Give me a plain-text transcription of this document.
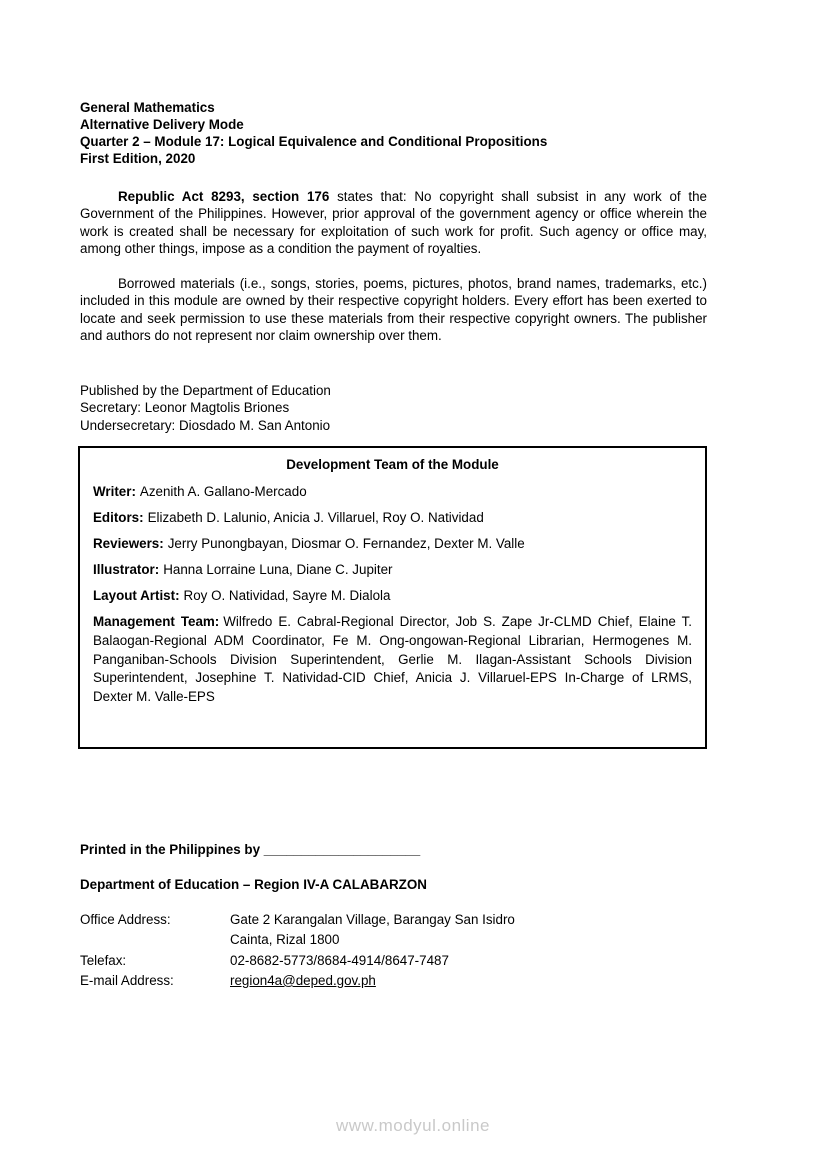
General Mathematics
Alternative Delivery Mode
Quarter 2 – Module 17: Logical Equivalence and Conditional Propositions
First Edition, 2020

Republic Act 8293, section 176 states that: No copyright shall subsist in any work of the Government of the Philippines. However, prior approval of the government agency or office wherein the work is created shall be necessary for exploitation of such work for profit. Such agency or office may, among other things, impose as a condition the payment of royalties.

Borrowed materials (i.e., songs, stories, poems, pictures, photos, brand names, trademarks, etc.) included in this module are owned by their respective copyright holders. Every effort has been exerted to locate and seek permission to use these materials from their respective copyright owners. The publisher and authors do not represent nor claim ownership over them.

Published by the Department of Education
Secretary: Leonor Magtolis Briones
Undersecretary: Diosdado M. San Antonio
Development Team of the Module

Writer: Azenith A. Gallano-Mercado

Editors: Elizabeth D. Lalunio, Anicia J. Villaruel, Roy O. Natividad

Reviewers: Jerry Punongbayan, Diosmar O. Fernandez, Dexter M. Valle

Illustrator: Hanna Lorraine Luna, Diane C. Jupiter

Layout Artist: Roy O. Natividad, Sayre M. Dialola

Management Team: Wilfredo E. Cabral-Regional Director, Job S. Zape Jr-CLMD Chief, Elaine T. Balaogan-Regional ADM Coordinator, Fe M. Ong-ongowan-Regional Librarian, Hermogenes M. Panganiban-Schools Division Superintendent, Gerlie M. Ilagan-Assistant Schools Division Superintendent, Josephine T. Natividad-CID Chief, Anicia J. Villaruel-EPS In-Charge of LRMS, Dexter M. Valle-EPS

Printed in the Philippines by _____________________
Department of Education – Region IV-A CALABARZON
Office Address:	Gate 2 Karangalan Village, Barangay San Isidro
Cainta, Rizal 1800
Telefax:	02-8682-5773/8684-4914/8647-7487
E-mail Address:	region4a@deped.gov.ph
www.modyul.online
